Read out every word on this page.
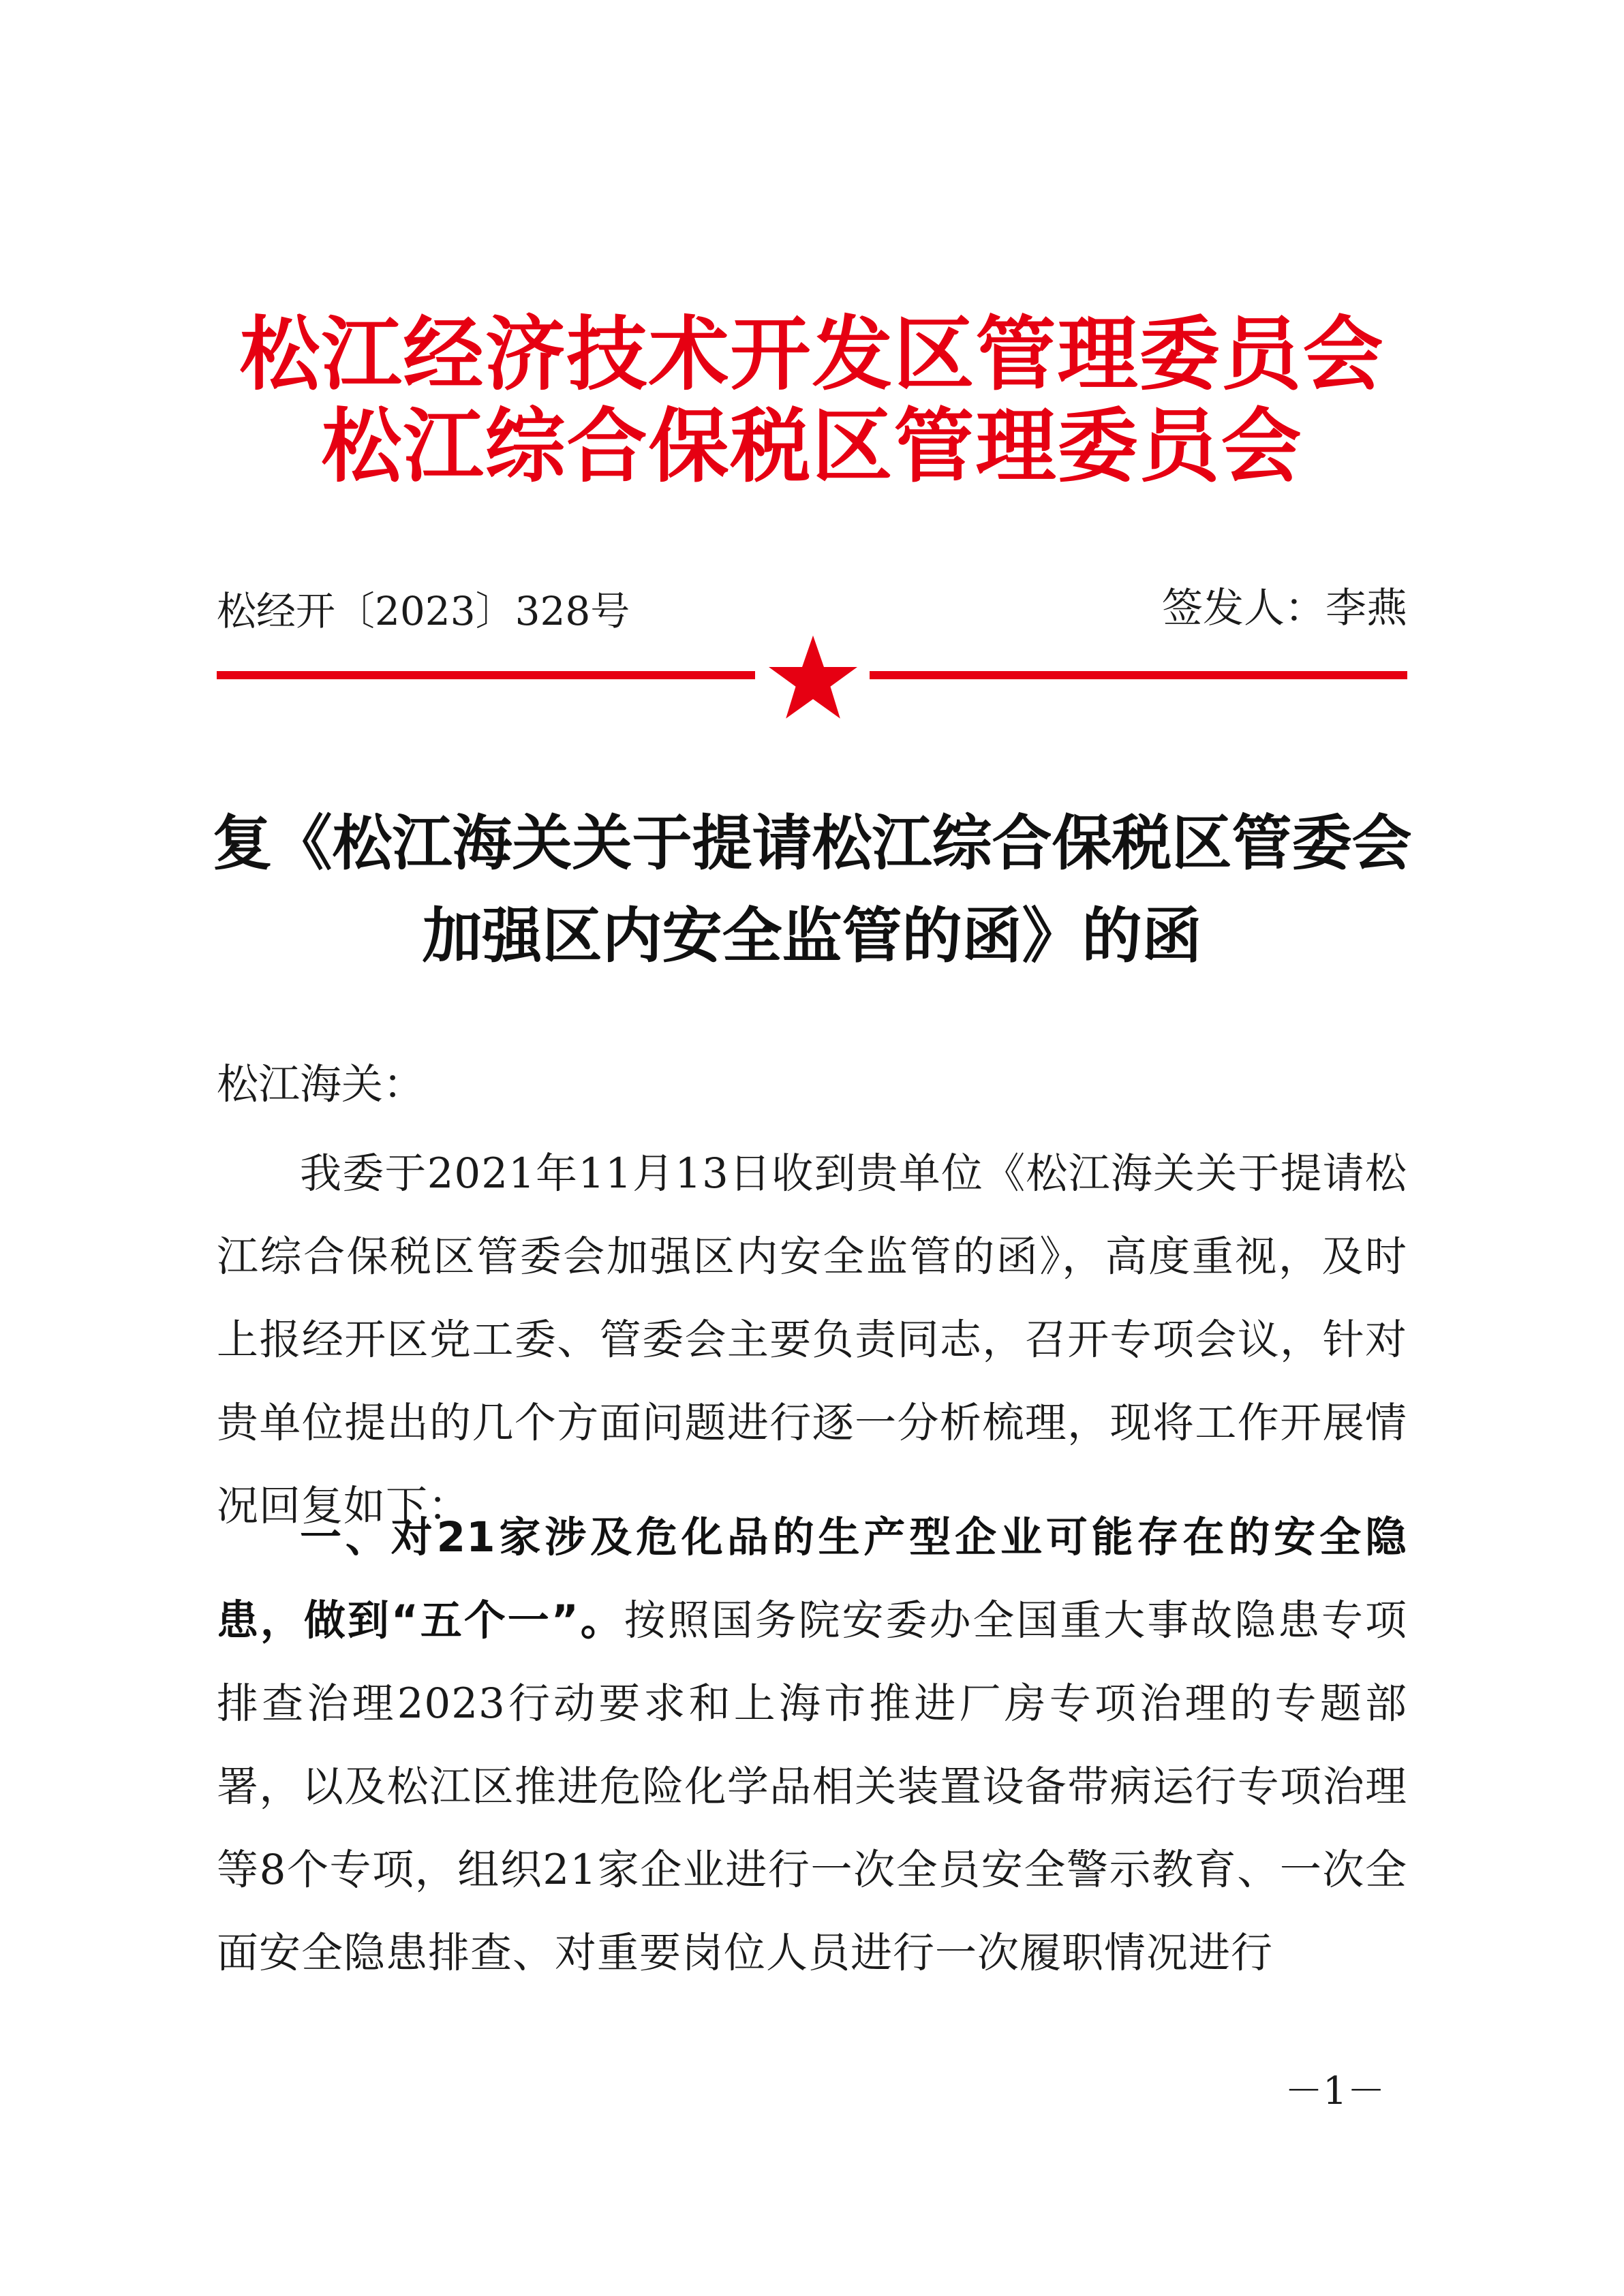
松江经济技术开发区管理委员会
松江综合保税区管理委员会
松经开〔2023〕328号	签发人：李燕
复《松江海关关于提请松江综合保税区管委会
加强区内安全监管的函》的函
松江海关：
我委于2021年11月13日收到贵单位《松江海关关于提请松江综合保税区管委会加强区内安全监管的函》，高度重视，及时上报经开区党工委、管委会主要负责同志，召开专项会议，针对贵单位提出的几个方面问题进行逐一分析梳理，现将工作开展情况回复如下：
一、对21家涉及危化品的生产型企业可能存在的安全隐患，做到“五个一”。按照国务院安委办全国重大事故隐患专项排查治理2023行动要求和上海市推进厂房专项治理的专题部署，以及松江区推进危险化学品相关装置设备带病运行专项治理等8个专项，组织21家企业进行一次全员安全警示教育、一次全面安全隐患排查、对重要岗位人员进行一次履职情况进行
－1－
